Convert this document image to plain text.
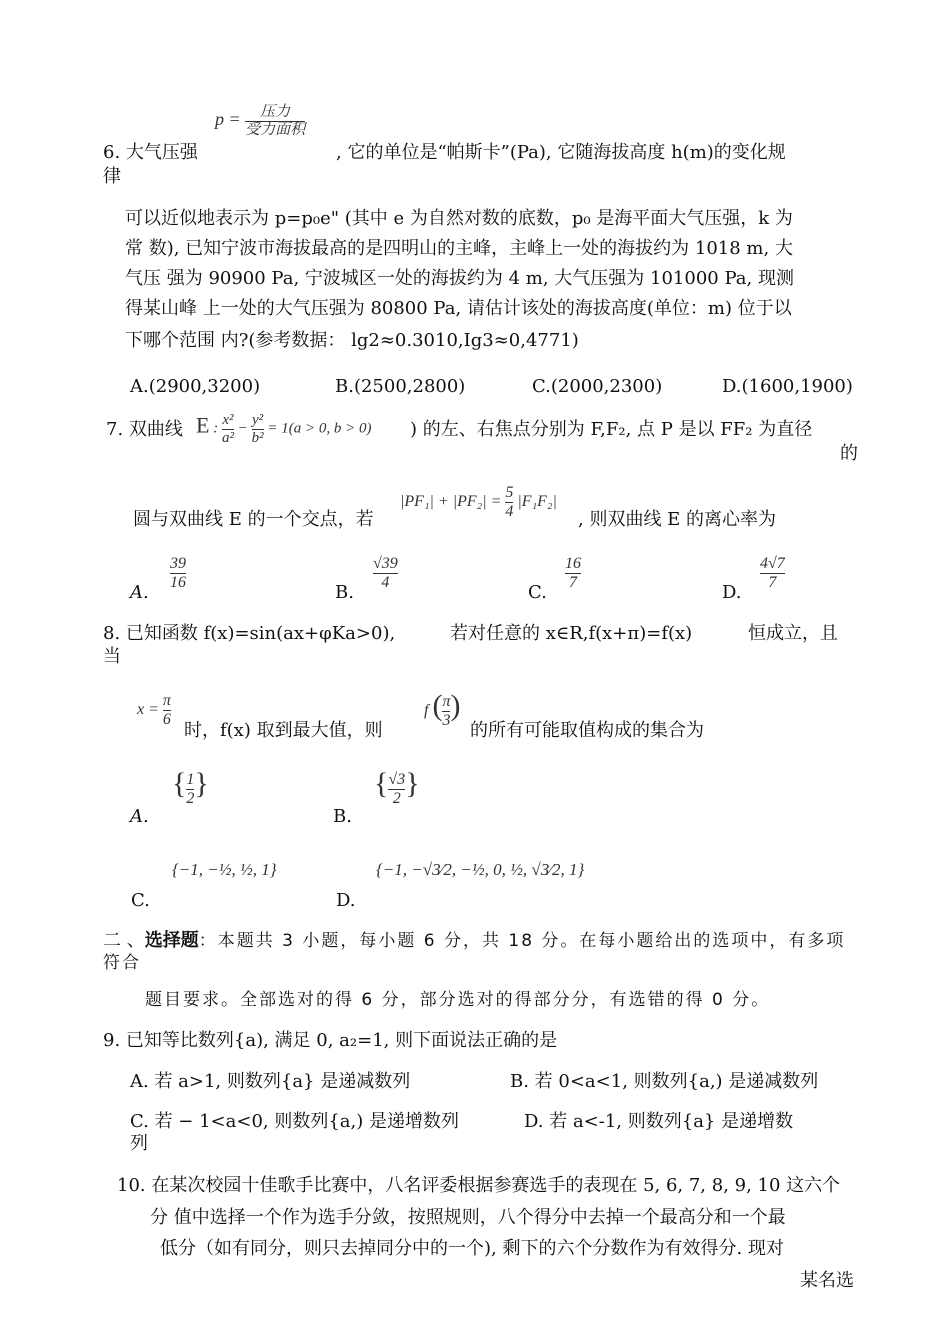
6. 大气压强
$p = \frac{\text{压力}}{\text{受力面积}}$
, 它的单位是“帕斯卡”(Pa), 它随海拔高度 h(m)的变化规
律
可以近似地表示为 p=p₀e" (其中 e 为自然对数的底数，p₀ 是海平面大气压强，k 为
常 数), 已知宁波市海拔最高的是四明山的主峰，主峰上一处的海拔约为 1018 m, 大
气压 强为 90900 Pa, 宁波城区一处的海拔约为 4 m, 大气压强为 101000 Pa, 现测
得某山峰 上一处的大气压强为 80800 Pa, 请估计该处的海拔高度(单位：m) 位于以
下哪个范围 内?(参考数据： lg2≈0.3010,Ig3≈0,4771)
A.(2900,3200)	B.(2500,2800)	C.(2000,2300)	D.(1600,1900)
7. 双曲线 E : $\frac{\text{x²}}{\text{a²}} - \frac{\text{y²}}{\text{b²}} = 1(a > 0$, b > 0) ) 的左、右焦点分别为 F,F₂, 点 P 是以 FF₂ 为直径
的
圆与双曲线 E 的一个交点，若
$|PF_1| + |PF_2| = \frac{5}{4} |F_1F_2|$
, 则双曲线 E 的离心率为
A.
$\frac{39}{16}$
B.
$\frac{√39}{4}$
C.
$\frac{16}{7}$
D.
$\frac{4√7}{7}$
8. 已知函数 f(x)=sin(ax+φKa>0),	若对任意的 x∈R,f(x+π)=f(x)	恒成立，且
当
$x = \frac{\pi}{6}$
时，f(x) 取到最大值，则
f ( $\frac{\pi}{3}$ )
的所有可能取值构成的集合为
A.
{ $\frac{1}{2}$ }
B.
{ $\frac{√3}{2}$ }
C.
{−1, −½, ½, 1}
D.
{−1, −√3⁄2, −½, 0, ½, √3⁄2, 1}
二 、选择题：本题共 3 小题，每小题 6 分，共 18 分。在每小题给出的选项中，有多项
符合
题目要求。全部选对的得 6 分，部分选对的得部分分，有选错的得 0 分。
9. 已知等比数列{a), 满足 0, a₂=1, 则下面说法正确的是
A. 若 a>1, 则数列{a} 是递减数列	B. 若 0<a<1, 则数列{a,) 是递减数列
C. 若 − 1<a<0, 则数列{a,) 是递增数列	D. 若 a<-1, 则数列{a} 是递增数
列
10. 在某次校园十佳歌手比赛中，八名评委根据参赛选手的表现在 5, 6, 7, 8, 9, 10 这六个
分 值中选择一个作为选手分敛，按照规则，八个得分中去掉一个最高分和一个最
低分（如有同分，则只去掉同分中的一个), 剩下的六个分数作为有效得分. 现对
某名选
